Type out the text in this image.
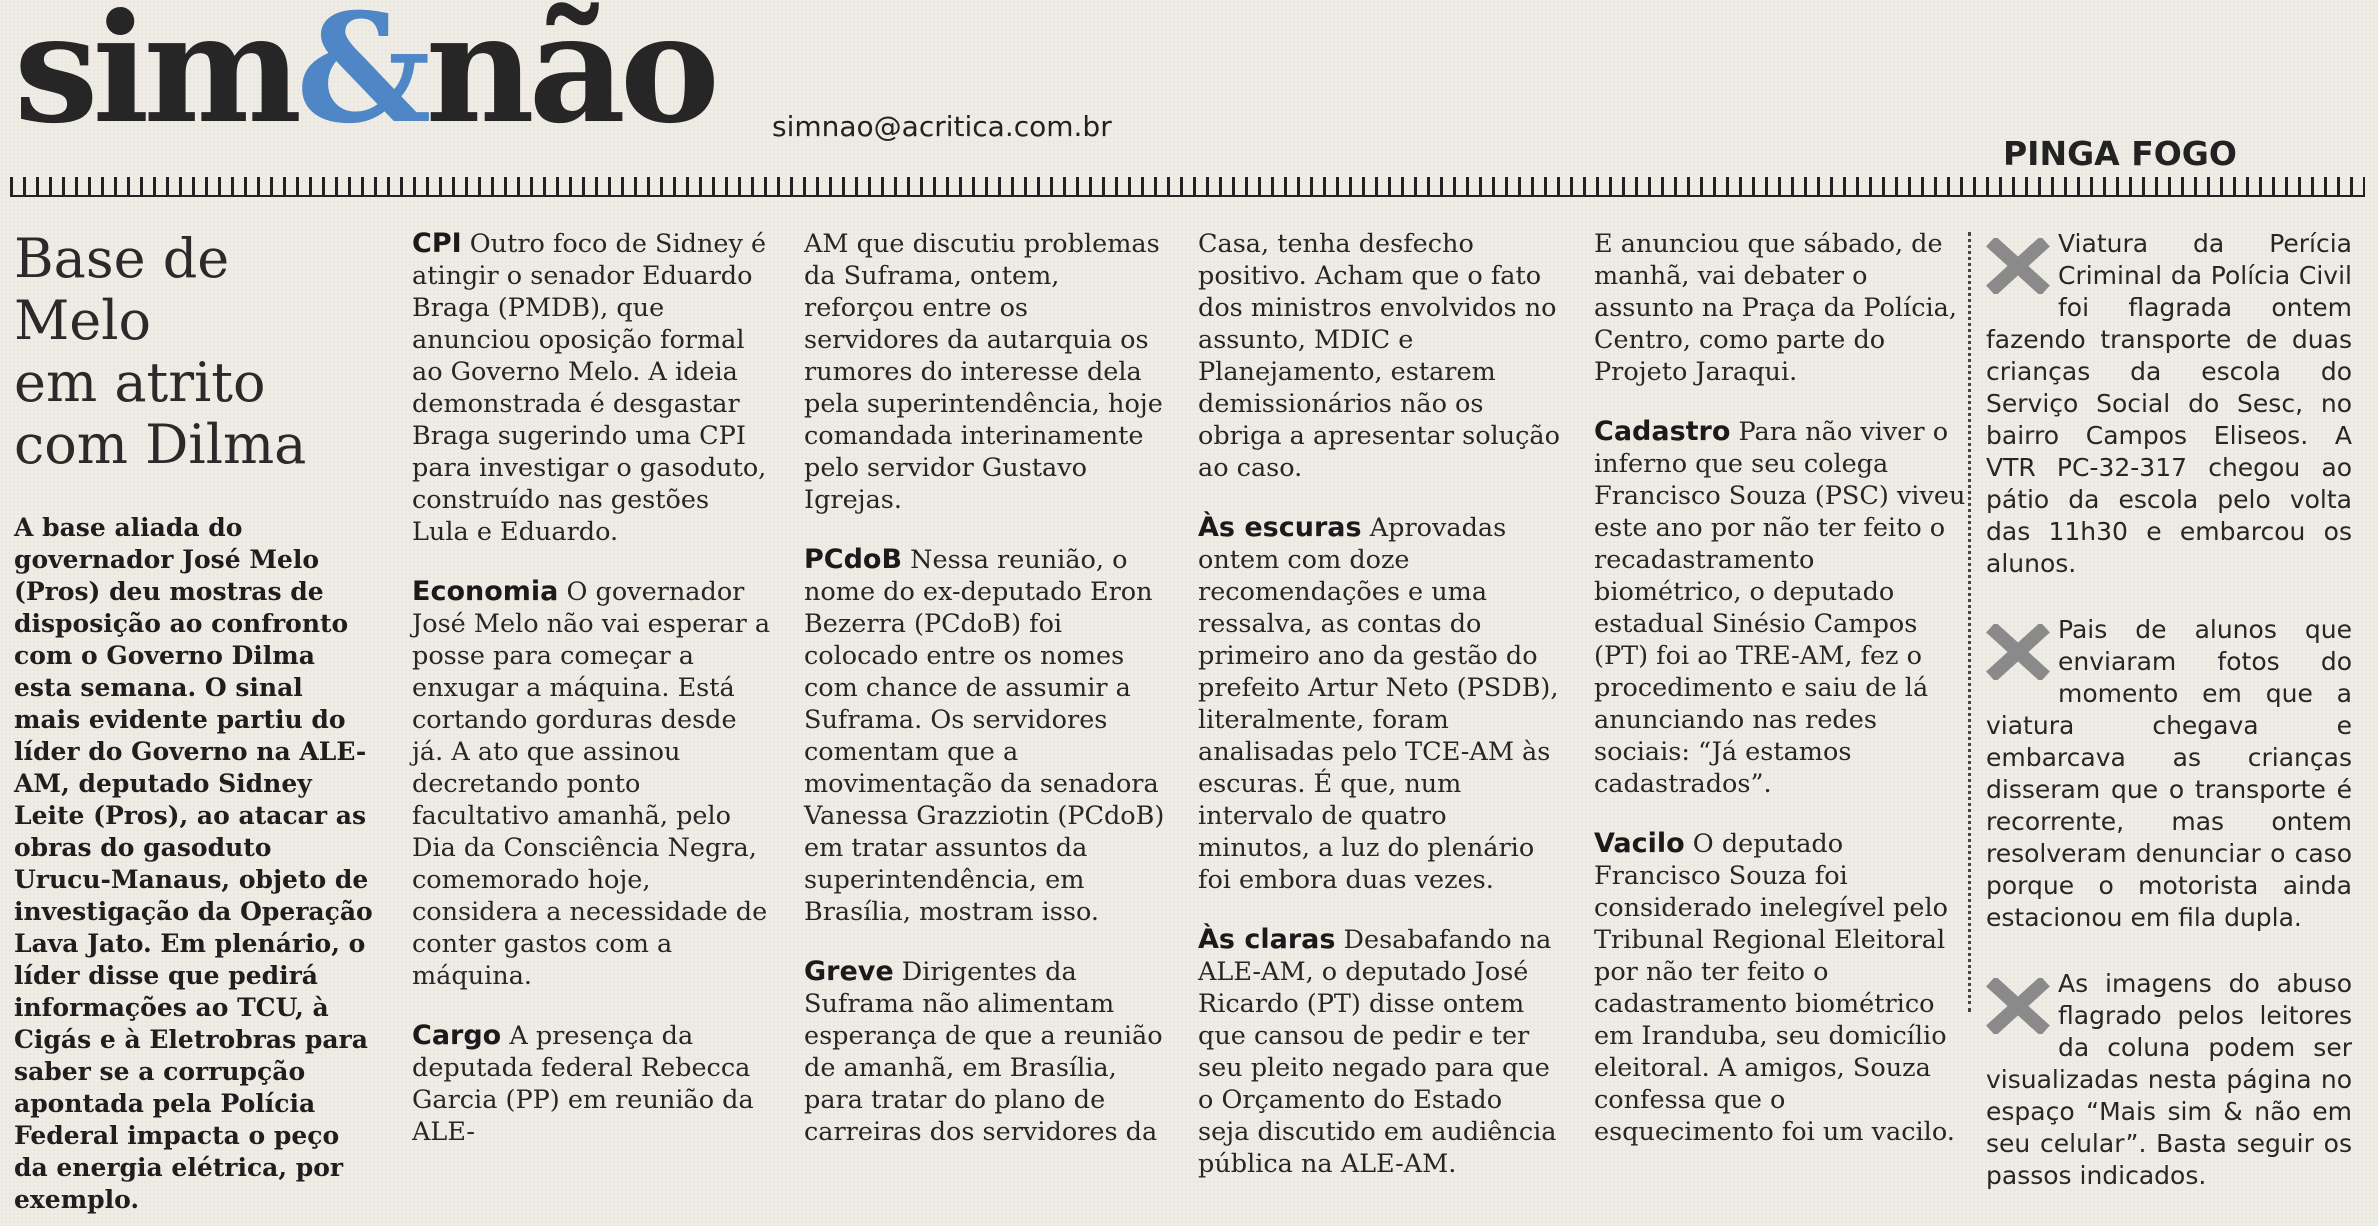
sim&não simnao@acritica.com.br
PINGA FOGO
Base de Melo
em atrito
com Dilma
A base aliada do governador José Melo (Pros) deu mostras de disposição ao confronto com o Governo Dilma esta semana. O sinal mais evidente partiu do líder do Governo na ALE-AM, deputado Sidney Leite (Pros), ao atacar as obras do gasoduto Urucu-Manaus, objeto de investigação da Operação Lava Jato. Em plenário, o líder disse que pedirá informações ao TCU, à Cigás e à Eletrobras para saber se a corrupção apontada pela Polícia Federal impacta o peço da energia elétrica, por exemplo.

CPI Outro foco de Sidney é atingir o senador Eduardo Braga (PMDB), que anunciou oposição formal ao Governo Melo. A ideia demonstrada é desgastar Braga sugerindo uma CPI para investigar o gasoduto, construído nas gestões Lula e Eduardo.

Economia O governador José Melo não vai esperar a posse para começar a enxugar a máquina. Está cortando gorduras desde já. A ato que assinou decretando ponto facultativo amanhã, pelo Dia da Consciência Negra, comemorado hoje, considera a necessidade de conter gastos com a máquina.

Cargo A presença da deputada federal Rebecca Garcia (PP) em reunião da ALE-

AM que discutiu problemas da Suframa, ontem, reforçou entre os servidores da autarquia os rumores do interesse dela pela superintendência, hoje comandada interinamente pelo servidor Gustavo Igrejas.

PCdoB Nessa reunião, o nome do ex-deputado Eron Bezerra (PCdoB) foi colocado entre os nomes com chance de assumir a Suframa. Os servidores comentam que a movimentação da senadora Vanessa Grazziotin (PCdoB) em tratar assuntos da superintendência, em Brasília, mostram isso.

Greve Dirigentes da Suframa não alimentam esperança de que a reunião de amanhã, em Brasília, para tratar do plano de carreiras dos servidores da

Casa, tenha desfecho positivo. Acham que o fato dos ministros envolvidos no assunto, MDIC e Planejamento, estarem demissionários não os obriga a apresentar solução ao caso.

Às escuras Aprovadas ontem com doze recomendações e uma ressalva, as contas do primeiro ano da gestão do prefeito Artur Neto (PSDB), literalmente, foram analisadas pelo TCE-AM às escuras. É que, num intervalo de quatro minutos, a luz do plenário foi embora duas vezes.

Às claras Desabafando na ALE-AM, o deputado José Ricardo (PT) disse ontem que cansou de pedir e ter seu pleito negado para que o Orçamento do Estado seja discutido em audiência pública na ALE-AM.

E anunciou que sábado, de manhã, vai debater o assunto na Praça da Polícia, Centro, como parte do Projeto Jaraqui.

Cadastro Para não viver o inferno que seu colega Francisco Souza (PSC) viveu este ano por não ter feito o recadastramento biométrico, o deputado estadual Sinésio Campos (PT) foi ao TRE-AM, fez o procedimento e saiu de lá anunciando nas redes sociais: “Já estamos cadastrados”.

Vacilo O deputado Francisco Souza foi considerado inelegível pelo Tribunal Regional Eleitoral por não ter feito o cadastramento biométrico em Iranduba, seu domicílio eleitoral. A amigos, Souza confessa que o esquecimento foi um vacilo.

Viatura da Perícia Criminal da Polícia Civil foi flagrada ontem fazendo transporte de duas crianças da escola do Serviço Social do Sesc, no bairro Campos Eliseos. A VTR PC-32-317 chegou ao pátio da escola pelo volta das 11h30 e embarcou os alunos.
Pais de alunos que enviaram fotos do momento em que a viatura chegava e embarcava as crianças disseram que o transporte é recorrente, mas ontem resolveram denunciar o caso porque o motorista ainda estacionou em fila dupla.
As imagens do abuso flagrado pelos leitores da coluna podem ser visualizadas nesta página no espaço “Mais sim & não em seu celular”. Basta seguir os passos indicados.
